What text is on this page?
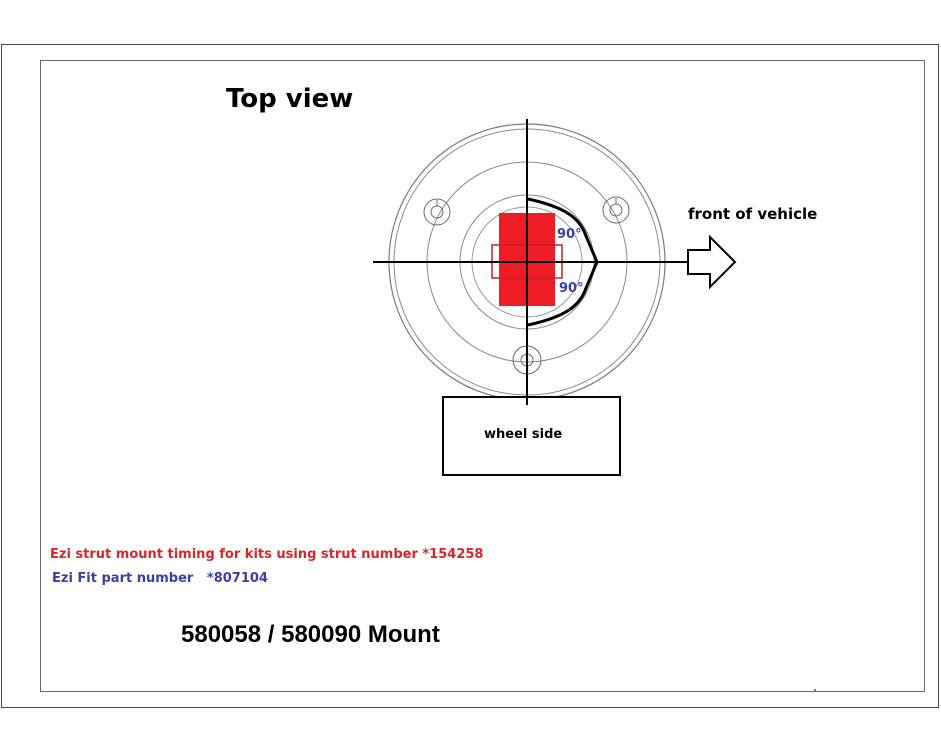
Top view
front of vehicle
wheel side
90°
90°
Ezi strut mount timing for kits using strut number *154258
Ezi Fit part number   *807104
580058 / 580090 Mount
